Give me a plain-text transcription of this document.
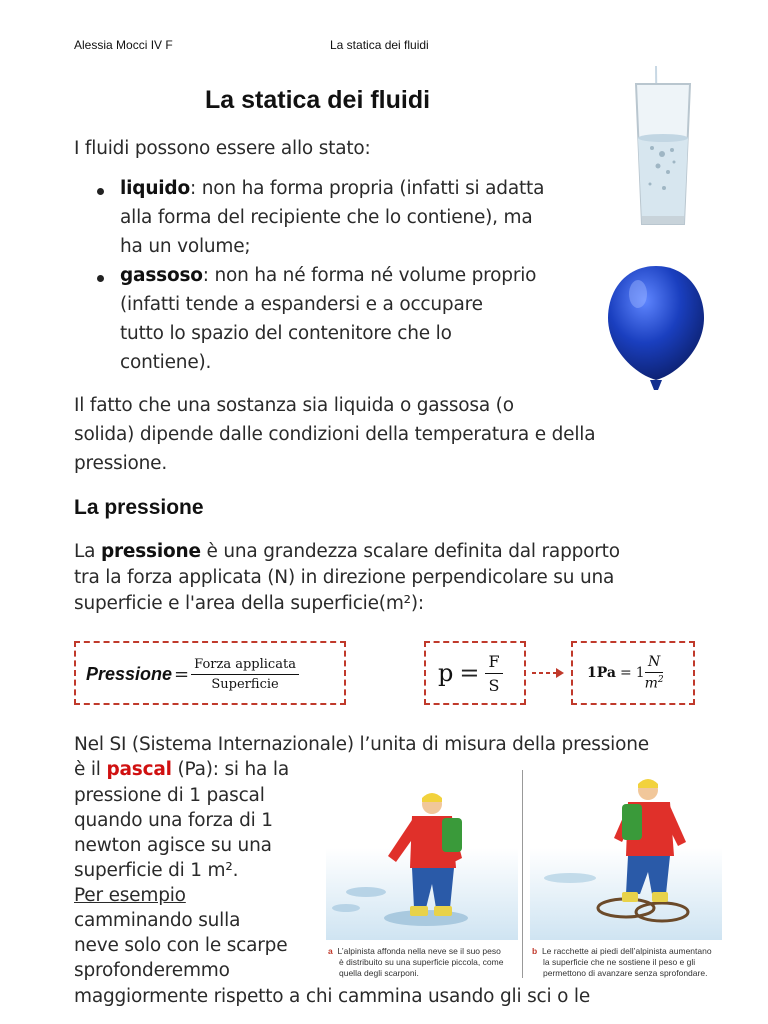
Alessia Mocci IV F	La statica dei fluidi
La statica dei fluidi
I fluidi possono essere allo stato:
liquido: non ha forma propria (infatti si adatta
alla forma del recipiente che lo contiene), ma
ha un volume;
gassoso: non ha né forma né volume proprio
(infatti tende a espandersi e a occupare
tutto lo spazio del contenitore che lo
contiene).
Il fatto che una sostanza sia liquida o gassosa (o
solida) dipende dalle condizioni della temperatura e della
pressione.
La pressione
La pressione è una grandezza scalare definita dal rapporto
tra la forza applicata (N) in direzione perpendicolare su una
superficie e l'area della superficie(m²):
Pressione = $\frac{\text{Forza applicata}}{\text{Superficie}}$	$p = \frac{F}{S}$	$1Pa = 1 \frac{N}{m^2}$
Nel SI (Sistema Internazionale) l’unita di misura della pressione
è il pascal (Pa): si ha la
pressione di 1 pascal
quando una forza di 1
newton agisce su una
superficie di 1 m².
Per esempio
camminando sulla
neve solo con le scarpe
sprofonderemmo
maggiormente rispetto a chi cammina usando gli sci o le
a L’alpinista affonda nella neve se il suo peso
è distribuito su una superficie piccola, come
quella degli scarponi.
b Le racchette ai piedi dell’alpinista aumentano
la superficie che ne sostiene il peso e gli
permettono di avanzare senza sprofondare.
